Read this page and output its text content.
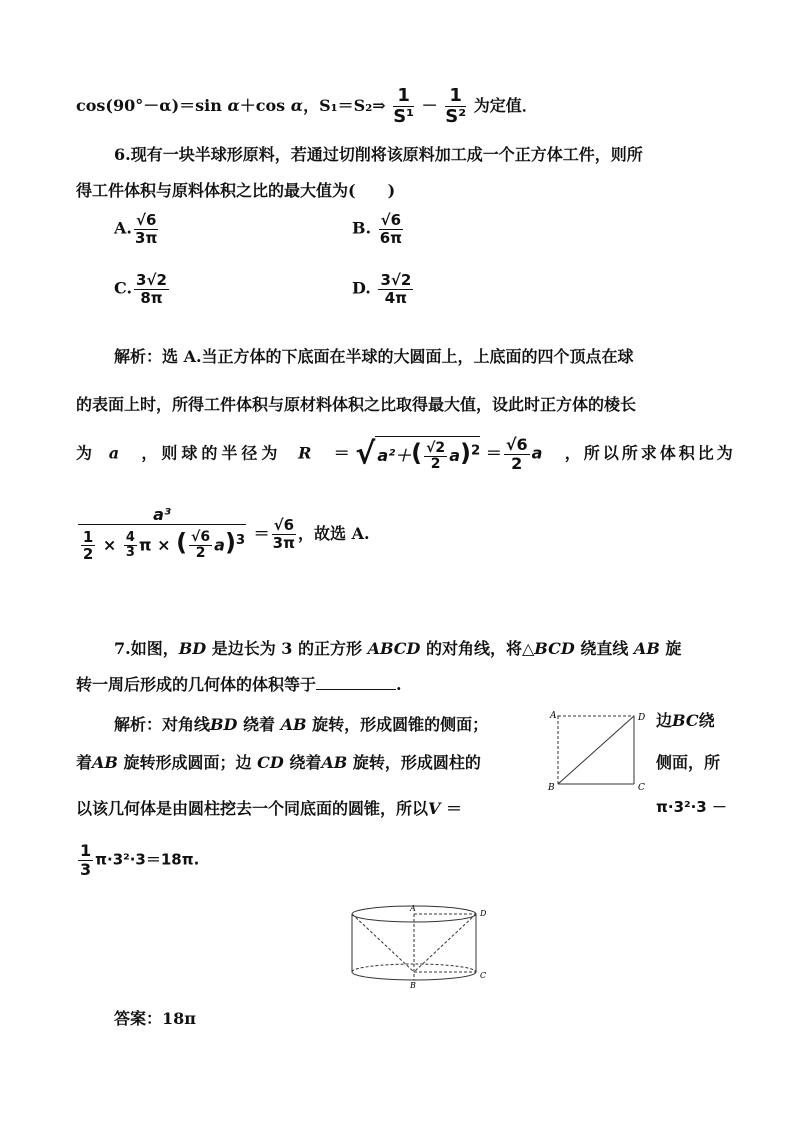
cos(90°－α)＝sin α＋cos α，S₁＝S₂⇒ $\frac{1}{\text{S¹}} - \frac{1}{\text{S²}}$ 为定值．
6.现有一块半球形原料，若通过切削将该原料加工成一个正方体工件，则所
得工件体积与原料体积之比的最大值为(　　)
A. $\frac{√6}{3\pi}$	B. $\frac{√6}{6\pi}$
C. $\frac{3√2}{8\pi}$	D. $\frac{3√2}{4\pi}$
解析：选 A.当正方体的下底面在半球的大圆面上，上底面的四个顶点在球
的表面上时，所得工件体积与原材料体积之比取得最大值，设此时正方体的棱长
为 a ，则球的半径为 R ＝ √ $a^2+( \frac{√2}{2} a)^2 = \frac{√6}{2}$ a ，所以所求体积比为
$\frac{\text{a³}}{\frac{1}{2} \times \frac{4}{3} \pi \times ( \frac{√6}{2} a)^3} = \frac{√6}{3\pi}$ ，故选 A.
7.如图，BD 是边长为 3 的正方形 ABCD 的对角线，将△BCD 绕直线 AB 旋
转一周后形成的几何体的体积等于	.
解析：对角线BD 绕着 AB 旋转，形成圆锥的侧面；	边BC绕
着AB 旋转形成圆面；边 CD 绕着AB 旋转，形成圆柱的	侧面，所
以该几何体是由圆柱挖去一个同底面的圆锥，所以V ＝	π·3²·3 －
$\frac{1}{3} \pi\cdot 3^2\cdot 3=18\pi$.
A	D
B	C
A
D
B
C
答案：18π
